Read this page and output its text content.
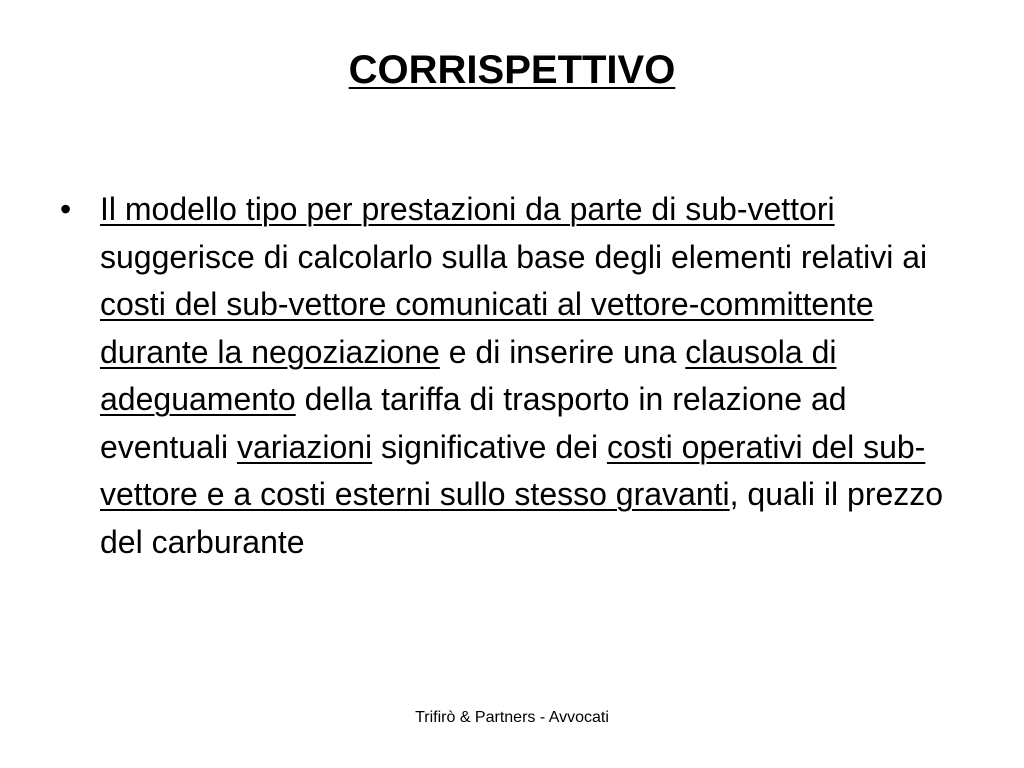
CORRISPETTIVO
• Il modello tipo per prestazioni da parte di sub-vettori suggerisce di calcolarlo sulla base degli elementi relativi ai costi del sub-vettore comunicati al vettore-committente durante la negoziazione e di inserire una clausola di adeguamento della tariffa di trasporto in relazione ad eventuali variazioni significative dei costi operativi del sub-vettore e a costi esterni sullo stesso gravanti, quali il prezzo del carburante
Trifirò & Partners - Avvocati
